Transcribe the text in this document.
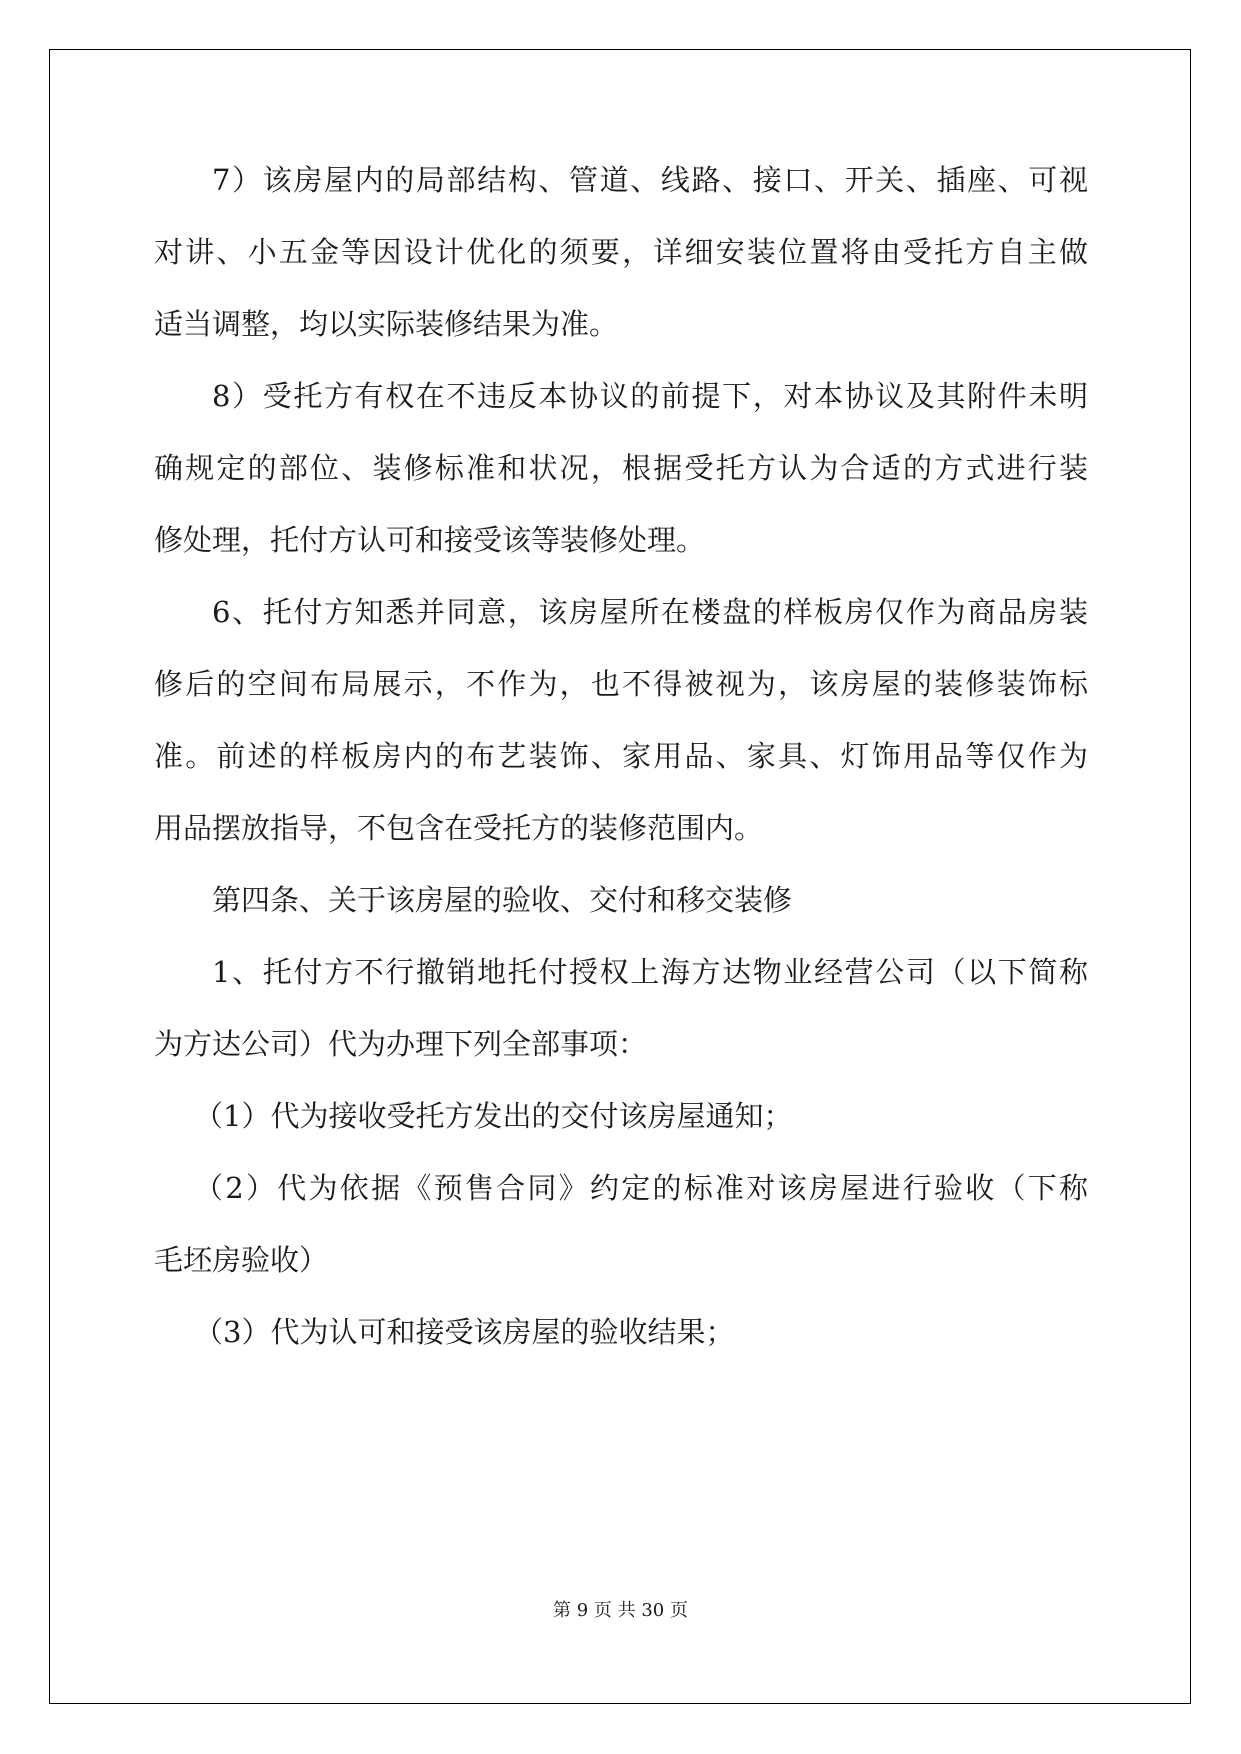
7）该房屋内的局部结构、管道、线路、接口、开关、插座、可视
对讲、小五金等因设计优化的须要，详细安装位置将由受托方自主做
适当调整，均以实际装修结果为准。
8）受托方有权在不违反本协议的前提下，对本协议及其附件未明
确规定的部位、装修标准和状况，根据受托方认为合适的方式进行装
修处理，托付方认可和接受该等装修处理。
6、托付方知悉并同意，该房屋所在楼盘的样板房仅作为商品房装
修后的空间布局展示，不作为，也不得被视为，该房屋的装修装饰标
准。前述的样板房内的布艺装饰、家用品、家具、灯饰用品等仅作为
用品摆放指导，不包含在受托方的装修范围内。
第四条、关于该房屋的验收、交付和移交装修
1、托付方不行撤销地托付授权上海方达物业经营公司（以下简称
为方达公司）代为办理下列全部事项：
（1）代为接收受托方发出的交付该房屋通知；
（2）代为依据《预售合同》约定的标准对该房屋进行验收（下称
毛坯房验收）
（3）代为认可和接受该房屋的验收结果；
第 9 页 共 30 页
